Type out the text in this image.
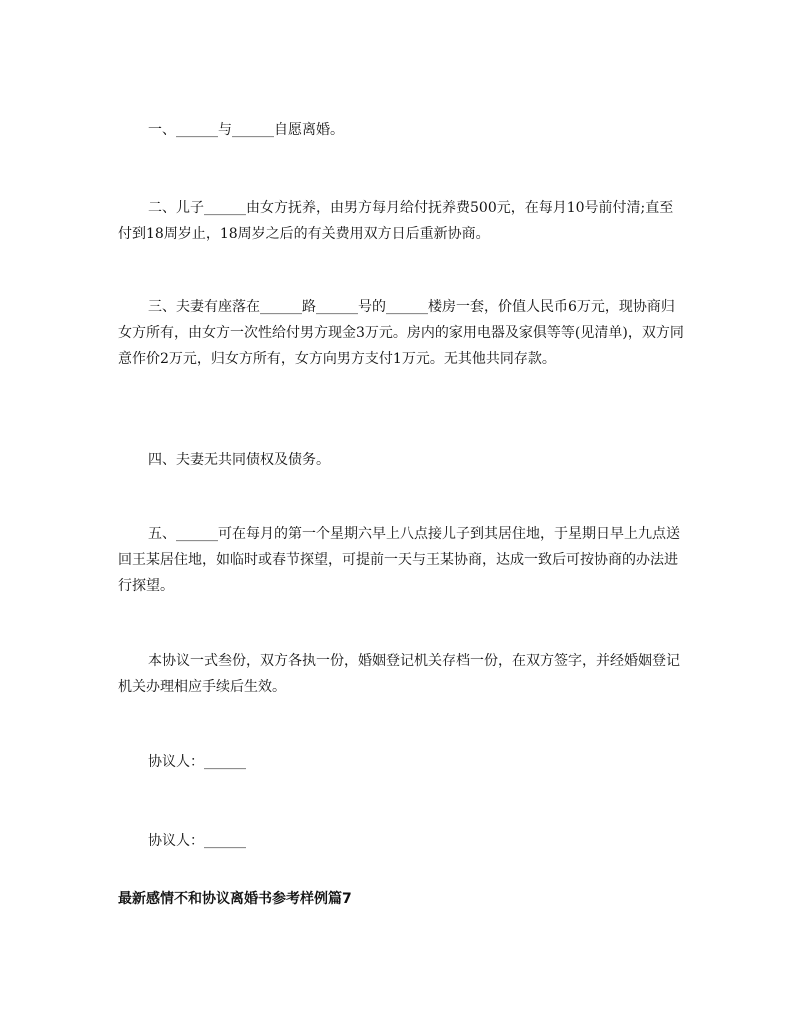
一、______与______自愿离婚。

二、儿子______由女方抚养，由男方每月给付抚养费500元，在每月10号前付清;直至付到18周岁止，18周岁之后的有关费用双方日后重新协商。

三、夫妻有座落在______路______号的______楼房一套，价值人民币6万元，现协商归女方所有，由女方一次性给付男方现金3万元。房内的家用电器及家俱等等(见清单)，双方同意作价2万元，归女方所有，女方向男方支付1万元。无其他共同存款。

四、夫妻无共同债权及债务。

五、______可在每月的第一个星期六早上八点接儿子到其居住地，于星期日早上九点送回王某居住地，如临时或春节探望，可提前一天与王某协商，达成一致后可按协商的办法进行探望。

本协议一式叁份，双方各执一份，婚姻登记机关存档一份，在双方签字，并经婚姻登记机关办理相应手续后生效。

协议人：______

协议人：______

最新感情不和协议离婚书参考样例篇7
